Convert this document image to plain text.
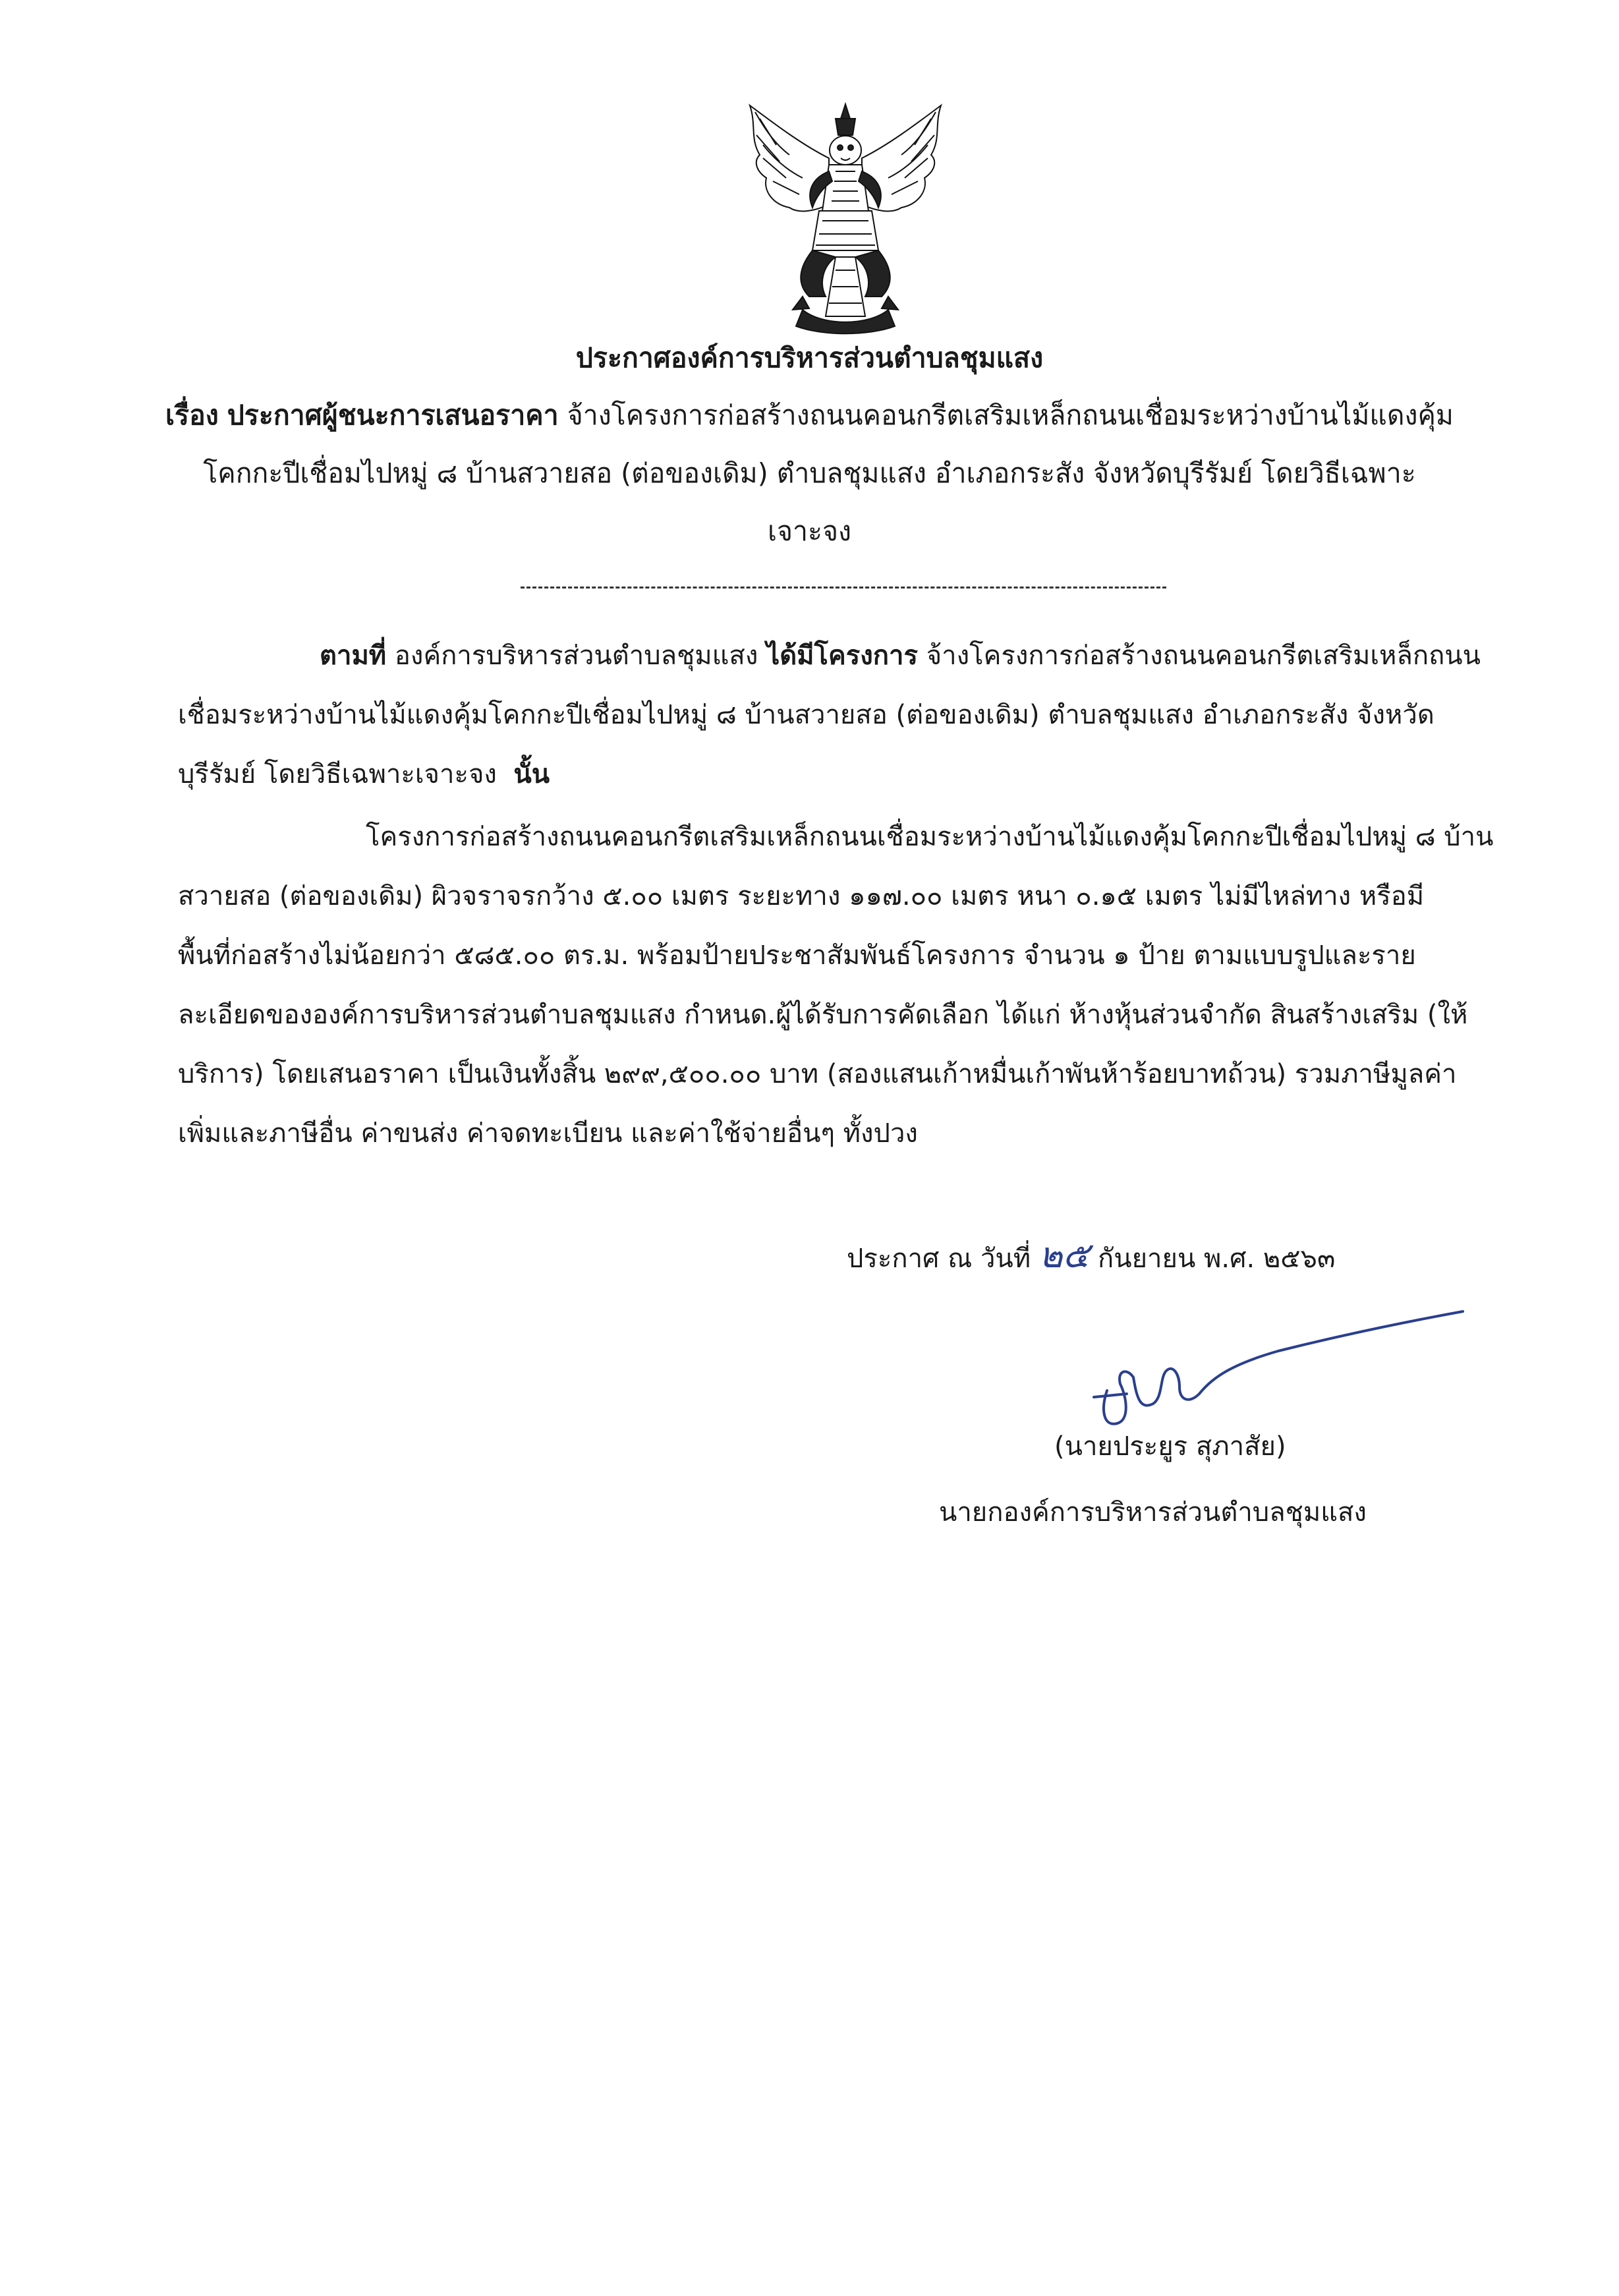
ประกาศองค์การบริหารส่วนตำบลชุมแสง
เรื่อง ประกาศผู้ชนะการเสนอราคา จ้างโครงการก่อสร้างถนนคอนกรีตเสริมเหล็กถนนเชื่อมระหว่างบ้านไม้แดงคุ้ม
โคกกะปีเชื่อมไปหมู่ ๘ บ้านสวายสอ (ต่อของเดิม) ตำบลชุมแสง อำเภอกระสัง จังหวัดบุรีรัมย์ โดยวิธีเฉพาะ
เจาะจง
ตามที่ องค์การบริหารส่วนตำบลชุมแสง ได้มีโครงการ จ้างโครงการก่อสร้างถนนคอนกรีตเสริมเหล็กถนน
เชื่อมระหว่างบ้านไม้แดงคุ้มโคกกะปีเชื่อมไปหมู่ ๘ บ้านสวายสอ (ต่อของเดิม) ตำบลชุมแสง อำเภอกระสัง จังหวัด
บุรีรัมย์ โดยวิธีเฉพาะเจาะจง นั้น
โครงการก่อสร้างถนนคอนกรีตเสริมเหล็กถนนเชื่อมระหว่างบ้านไม้แดงคุ้มโคกกะปีเชื่อมไปหมู่ ๘ บ้าน
สวายสอ (ต่อของเดิม) ผิวจราจรกว้าง ๕.๐๐ เมตร ระยะทาง ๑๑๗.๐๐ เมตร หนา ๐.๑๕ เมตร ไม่มีไหล่ทาง หรือมี
พื้นที่ก่อสร้างไม่น้อยกว่า ๕๘๕.๐๐ ตร.ม. พร้อมป้ายประชาสัมพันธ์โครงการ จำนวน ๑ ป้าย ตามแบบรูปและราย
ละเอียดขององค์การบริหารส่วนตำบลชุมแสง กำหนด.ผู้ได้รับการคัดเลือก ได้แก่ ห้างหุ้นส่วนจำกัด สินสร้างเสริม (ให้
บริการ) โดยเสนอราคา เป็นเงินทั้งสิ้น ๒๙๙,๕๐๐.๐๐ บาท (สองแสนเก้าหมื่นเก้าพันห้าร้อยบาทถ้วน) รวมภาษีมูลค่า
เพิ่มและภาษีอื่น ค่าขนส่ง ค่าจดทะเบียน และค่าใช้จ่ายอื่นๆ ทั้งปวง
ประกาศ ณ วันที่ ๒๕ กันยายน พ.ศ. ๒๕๖๓
(นายประยูร สุภาสัย)
นายกองค์การบริหารส่วนตำบลชุมแสง
